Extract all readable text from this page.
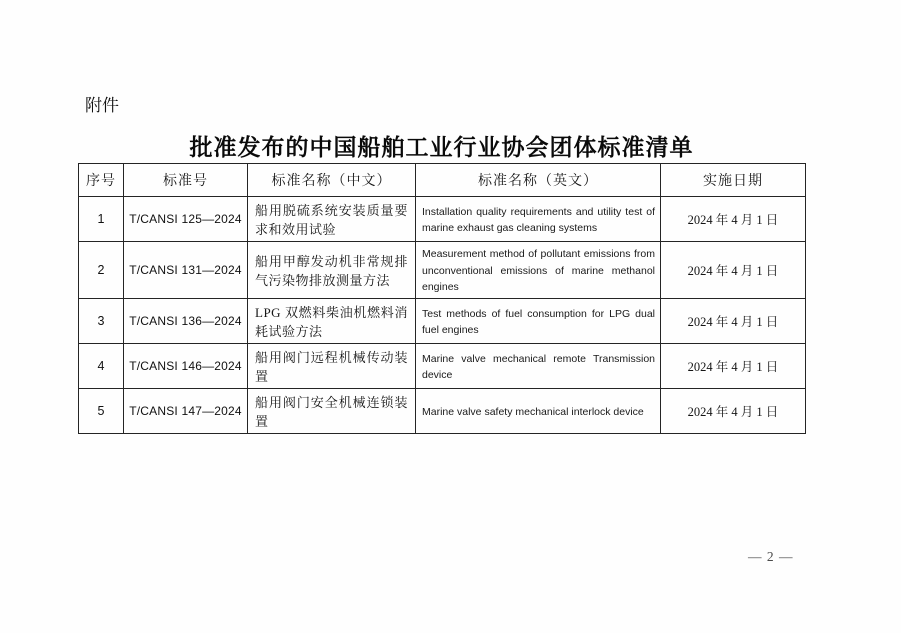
附件
批准发布的中国船舶工业行业协会团体标准清单
序号	标准号	标准名称（中文）	标准名称（英文）	实施日期
1	T/CANSI 125—2024	船用脱硫系统安装质量要求和效用试验	Installation quality requirements and utility test of marine exhaust gas cleaning systems	2024 年 4 月 1 日
2	T/CANSI 131—2024	船用甲醇发动机非常规排气污染物排放测量方法	Measurement method of pollutant emissions from unconventional emissions of marine methanol engines	2024 年 4 月 1 日
3	T/CANSI 136—2024	LPG 双燃料柴油机燃料消耗试验方法	Test methods of fuel consumption for LPG dual fuel engines	2024 年 4 月 1 日
4	T/CANSI 146—2024	船用阀门远程机械传动装置	Marine valve mechanical remote Transmission device	2024 年 4 月 1 日
5	T/CANSI 147—2024	船用阀门安全机械连锁装置	Marine valve safety mechanical interlock device	2024 年 4 月 1 日
— 2 —
